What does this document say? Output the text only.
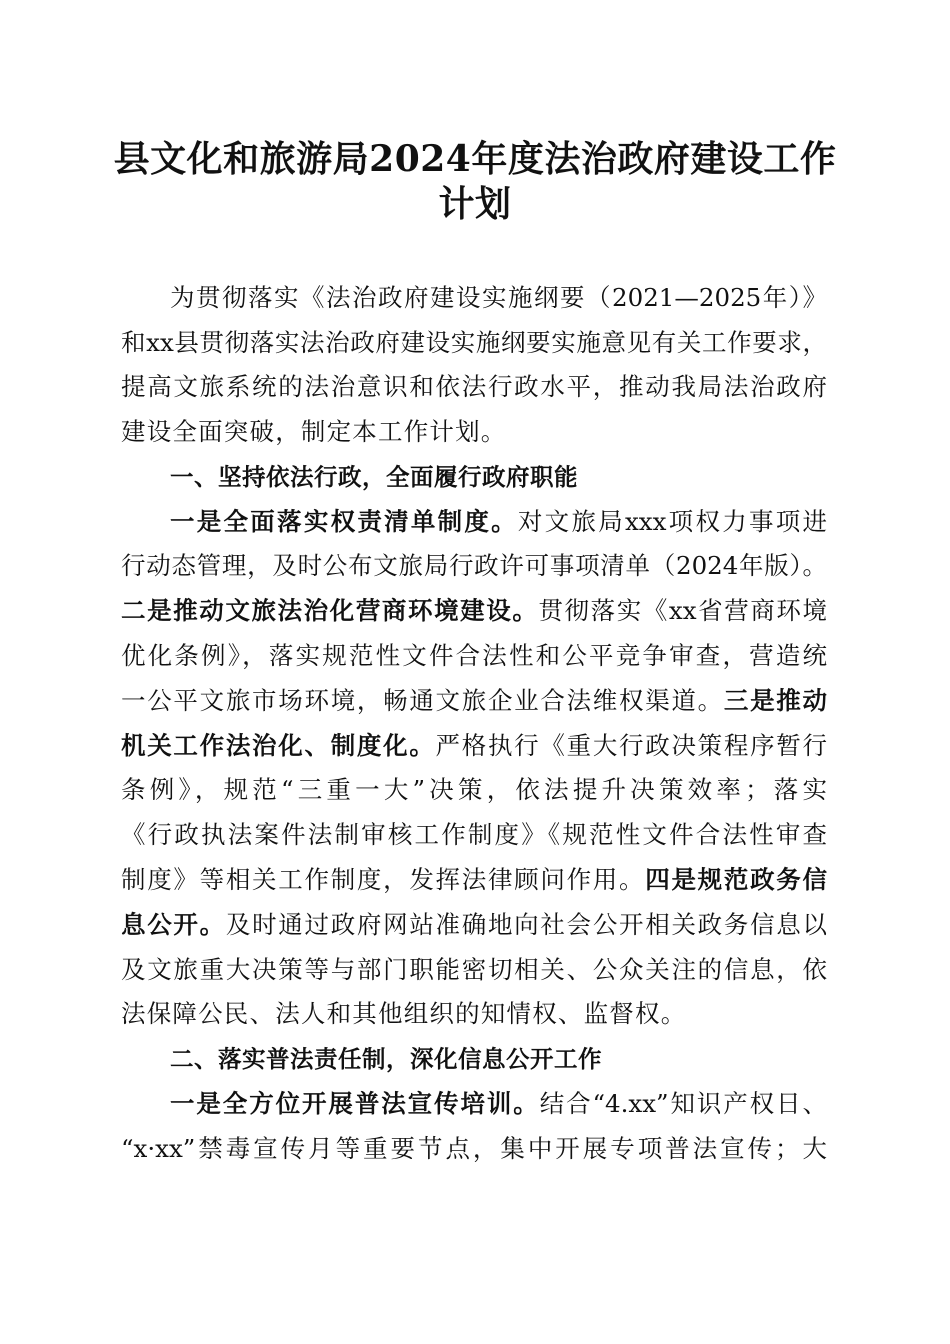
县文化和旅游局2024年度法治政府建设工作
计划
为贯彻落实《法治政府建设实施纲要（2021—2025年）》
和xx县贯彻落实法治政府建设实施纲要实施意见有关工作要求，
提高文旅系统的法治意识和依法行政水平，推动我局法治政府
建设全面突破，制定本工作计划。
一、坚持依法行政，全面履行政府职能
一是全面落实权责清单制度。对文旅局xxx项权力事项进
行动态管理，及时公布文旅局行政许可事项清单（2024年版）。
二是推动文旅法治化营商环境建设。贯彻落实《xx省营商环境
优化条例》，落实规范性文件合法性和公平竞争审查，营造统
一公平文旅市场环境，畅通文旅企业合法维权渠道。三是推动
机关工作法治化、制度化。严格执行《重大行政决策程序暂行
条例》，规范“三重一大”决策，依法提升决策效率；落实
《行政执法案件法制审核工作制度》《规范性文件合法性审查
制度》等相关工作制度，发挥法律顾问作用。四是规范政务信
息公开。及时通过政府网站准确地向社会公开相关政务信息以
及文旅重大决策等与部门职能密切相关、公众关注的信息，依
法保障公民、法人和其他组织的知情权、监督权。
二、落实普法责任制，深化信息公开工作
一是全方位开展普法宣传培训。结合“4.xx”知识产权日、
“x·xx”禁毒宣传月等重要节点，集中开展专项普法宣传；大
